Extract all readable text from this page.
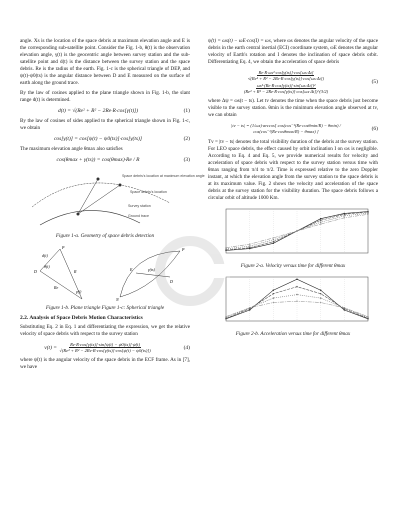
angle. Xs is the location of the space debris at maximum elevation angle and E is the corresponding sub-satellite point. Consider the Fig. 1-b, θ(t) is the observation elevation angle, γ(t) is the geocentric angle between survey station and the sub-satellite point and d(t) is the distance between the survey station and the space debris. Re is the radius of the earth. Fig. 1-c is the spherical triangle of DEP, and ψ(t)-ψ0(ts) is the angular distance between D and E measured on the surface of earth along the ground trace.

By the law of cosines applied to the plane triangle shown in Fig. 1-b, the slant range d(t) is determined.

d(t) = √(Re² + R² − 2Re·R·cos[γ(t)])	(1)

By the law of cosines of sides applied to the spherical triangle shown in Fig. 1-c, we obtain

cos[γ(t)] = cos[ψ(t) − ψ0(ts)]·cos[γ(ts)]	(2)

The maximum elevation angle θmax also satisfies

cos(θmax + γ(ts)) = cos(θmax)·Re / R	(3)
Space debris's location at maximum elevation angle
Space debris's location
Survey station
Ground trace
Figure 1-a. Geometry of space debris detection
d(t)
θ(t)
Re
R
γ(t)
D
P
E
D
P
γ(ts)
N
Figure 1-b. Plane triangle Figure 1-c: Spherical triangle
2.2. Analysis of Space Debris Motion Characteristics

Substituting Eq. 2 in Eq. 1 and differentiating the expression, we get the relative velocity of space debris with respect to the survey station

$v(t) = \frac{Re\cdot R\cdot\cos[\gamma(ts)]\cdot\sin[\psi(t) - \psi 0(ts)]\cdot\psi̇(t)}{\text{√(Re² + R² − 2Re·R·cos[γ(ts)]·cos[ψ(t) − ψ0(ts)])}}$	(4)

where ψ̇(t) is the angular velocity of the space debris in the ECF frame. As in [7], we have

ψ̇(t) = ωs(t) − ωE·cos(I) = ωs, where ωs denotes the angular velocity of the space debris in the earth central inertial (ECI) coordinate system, ωE denotes the angular velocity of Earth's rotation and I denotes the inclination of space debris orbit. Differentiating Eq. 4, we obtain the acceleration of space debris

$\frac{\text{Re·R·ωs²·cos[γ(ts)]·cos[ωs·Δt]}}{\text{√(Re² + R² − 2Re·R·cos[γ(ts)]·cos[ωs·Δt])}}$

$\frac{\text{ωs²·(Re·R·cos[γ(ts)]·sin[ωs·Δt])²}}{\text{(Re² + R² − 2Re·R·cos[γ(ts)]·cos[ωs·Δt])\textasciicircum{}(3/2)}}$
(5)

where Δψ = ωs(t − ts). Let tv denotes the time when the space debris just become visible to the survey station. θmin is the minimum elevation angle observed at tv, we can obtain

|tv − ts| = (1/ωs)·arccos[ cos(cos⁻¹(Re·cosθmin/R) − θmin) / cos(cos⁻¹(Re·cosθmax/R) − θmax) ]	(6)

Tv = |tv − ts| denotes the total visibility duration of the debris at the survey station. For LEO space debris, the effect caused by orbit inclination I on ωs is negligible. According to Eq. 4 and Eq. 5, we provide numerical results for velocity and acceleration of space debris with respect to the survey station versus time with θmax ranging from π/4 to π/2. Time is expressed relative to the zero Doppler instant, at which the elevation angle from the survey station to the space debris is at its maximum value. Fig. 2 shows the velocity and acceleration of the space debris at the survey station for the visibility duration. The space debris follows a circular orbit of altitude 1000 Km.

Figure 2-a. Velocity versus time for different θmax
Figure 2-b. Acceleration versus time for different θmax
